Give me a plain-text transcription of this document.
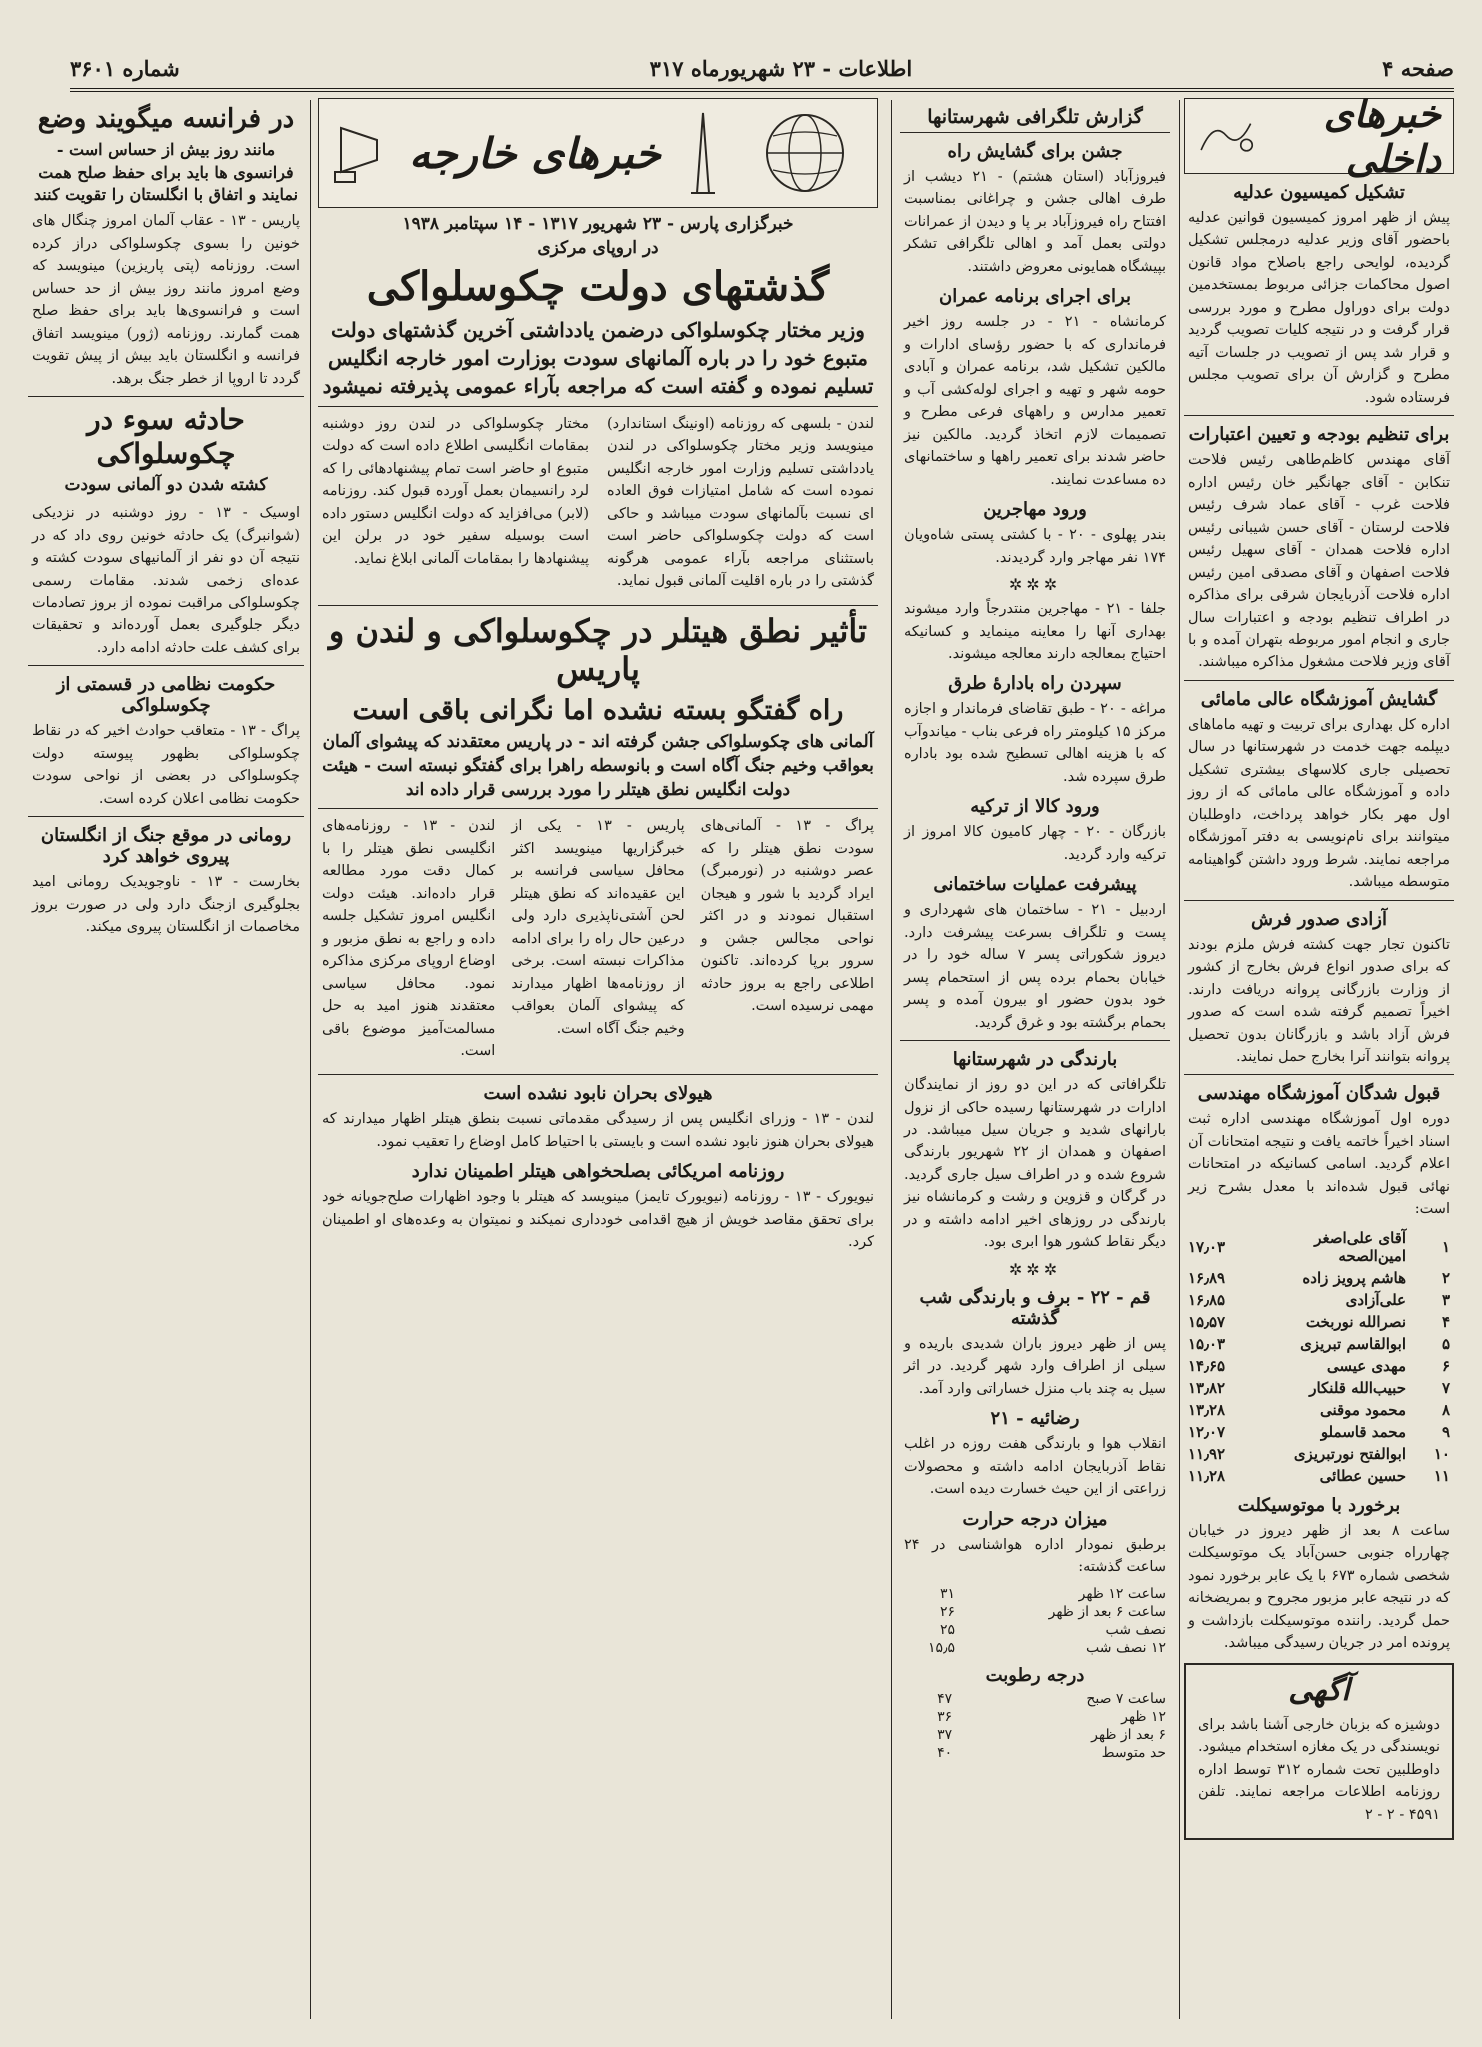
صفحه ۴
اطلاعات - ۲۳ شهریورماه ۳۱۷
شماره ۳۶۰۱
خبرهای داخلی
تشکیل کمیسیون عدلیه
پیش از ظهر امروز کمیسیون قوانین عدلیه باحضور آقای وزیر عدلیه درمجلس تشکیل گردیده، لوایحی راجع باصلاح مواد قانون اصول محاکمات جزائی مربوط بمستخدمین دولت برای دوراول مطرح و مورد بررسی قرار گرفت و در نتیجه کلیات تصویب گردید و قرار شد پس از تصویب در جلسات آتیه مطرح و گزارش آن برای تصویب مجلس فرستاده شود.
برای تنظیم بودجه و تعیین اعتبارات
آقای مهندس کاظم‌طاهی رئیس فلاحت تنکابن - آقای جهانگیر خان رئیس اداره فلاحت غرب - آقای عماد شرف رئیس فلاحت لرستان - آقای حسن شیبانی رئیس اداره فلاحت همدان - آقای سهیل رئیس فلاحت اصفهان و آقای مصدقی امین رئیس اداره فلاحت آذربایجان شرقی برای مذاکره در اطراف تنظیم بودجه و اعتبارات سال جاری و انجام امور مربوطه بتهران آمده و با آقای وزیر فلاحت مشغول مذاکره میباشند.
گشایش آموزشگاه عالی مامائی
اداره کل بهداری برای تربیت و تهیه ماماهای دیپلمه جهت خدمت در شهرستانها در سال تحصیلی جاری کلاسهای بیشتری تشکیل داده و آموزشگاه عالی مامائی که از روز اول مهر بکار خواهد پرداخت، داوطلبان میتوانند برای نام‌نویسی به دفتر آموزشگاه مراجعه نمایند. شرط ورود داشتن گواهینامه متوسطه میباشد.
آزادی صدور فرش
تاکنون تجار جهت کشته فرش ملزم بودند که برای صدور انواع فرش بخارج از کشور از وزارت بازرگانی پروانه دریافت دارند. اخیراً تصمیم گرفته شده است که صدور فرش آزاد باشد و بازرگانان بدون تحصیل پروانه بتوانند آنرا بخارج حمل نمایند.
قبول شدگان آموزشگاه مهندسی
دوره اول آموزشگاه مهندسی اداره ثبت اسناد اخیراً خاتمه یافت و نتیجه امتحانات آن اعلام گردید. اسامی کسانیکه در امتحانات نهائی قبول شده‌اند با معدل بشرح زیر است:
۱	آقای علی‌اصغر امین‌الصحه	۱۷٫۰۳
۲	هاشم پرویز زاده	۱۶٫۸۹
۳	علی‌آزادی	۱۶٫۸۵
۴	نصرالله نوربخت	۱۵٫۵۷
۵	ابوالقاسم تبریزی	۱۵٫۰۳
۶	مهدی عیسی	۱۴٫۶۵
۷	حبیب‌الله قلنکار	۱۳٫۸۲
۸	محمود موقنی	۱۳٫۲۸
۹	محمد قاسملو	۱۲٫۰۷
۱۰	ابوالفتح نورتبریزی	۱۱٫۹۲
۱۱	حسین عطائی	۱۱٫۲۸
برخورد با موتوسیکلت
ساعت ۸ بعد از ظهر دیروز در خیابان چهارراه جنوبی حسن‌آباد یک موتوسیکلت شخصی شماره ۶۷۳ با یک عابر برخورد نمود که در نتیجه عابر مزبور مجروح و بمریضخانه حمل گردید. راننده موتوسیکلت بازداشت و پرونده امر در جریان رسیدگی میباشد.
آگهی
دوشیزه که بزبان خارجی آشنا باشد برای نویسندگی در یک مغازه استخدام میشود. داوطلبین تحت شماره ۳۱۲ توسط اداره روزنامه اطلاعات مراجعه نمایند. تلفن ۴۵۹۱ - ۲ - ۲
گزارش تلگرافی شهرستانها
جشن برای گشایش راه
فیروزآباد (استان هشتم) - ۲۱ دیشب از طرف اهالی جشن و چراغانی بمناسبت افتتاح راه فیروزآباد بر پا و دیدن از عمرانات دولتی بعمل آمد و اهالی تلگرافی تشکر بپیشگاه همایونی معروض داشتند.
برای اجرای برنامه عمران
کرمانشاه - ۲۱ - در جلسه روز اخیر فرمانداری که با حضور رؤسای ادارات و مالکین تشکیل شد، برنامه عمران و آبادی حومه شهر و تهیه و اجرای لوله‌کشی آب و تعمیر مدارس و راههای فرعی مطرح و تصمیمات لازم اتخاذ گردید. مالکین نیز حاضر شدند برای تعمیر راهها و ساختمانهای ده مساعدت نمایند.
ورود مهاجرین
بندر پهلوی - ۲۰ - با کشتی پستی شاه‌ویان ۱۷۴ نفر مهاجر وارد گردیدند.
✲✲✲
جلفا - ۲۱ - مهاجرین منتدرجاً وارد میشوند بهداری آنها را معاینه مینماید و کسانیکه احتیاج بمعالجه دارند معالجه میشوند.
سپردن راه بادارهٔ طرق
مراغه - ۲۰ - طبق تقاضای فرماندار و اجازه مرکز ۱۵ کیلومتر راه فرعی بناب - میاندوآب که با هزینه اهالی تسطیح شده بود باداره طرق سپرده شد.
ورود کالا از ترکیه
بازرگان - ۲۰ - چهار کامیون کالا امروز از ترکیه وارد گردید.
پیشرفت عملیات ساختمانی
اردبیل - ۲۱ - ساختمان های شهرداری و پست و تلگراف بسرعت پیشرفت دارد. دیروز شکوراتی پسر ۷ ساله خود را در خیابان بحمام برده پس از استحمام پسر خود بدون حضور او بیرون آمده و پسر بحمام برگشته بود و غرق گردید.
بارندگی در شهرستانها
تلگرافاتی که در این دو روز از نمایندگان ادارات در شهرستانها رسیده حاکی از نزول بارانهای شدید و جریان سیل میباشد. در اصفهان و همدان از ۲۲ شهریور بارندگی شروع شده و در اطراف سیل جاری گردید. در گرگان و قزوین و رشت و کرمانشاه نیز بارندگی در روزهای اخیر ادامه داشته و در دیگر نقاط کشور هوا ابری بود.
✲✲✲
قم - ۲۲ - برف و بارندگی شب گذشته
پس از ظهر دیروز باران شدیدی باریده و سیلی از اطراف وارد شهر گردید. در اثر سیل به چند باب منزل خساراتی وارد آمد.
رضائیه - ۲۱
انقلاب هوا و بارندگی هفت روزه در اغلب نقاط آذربایجان ادامه داشته و محصولات زراعتی از این حیث خسارت دیده است.
میزان درجه حرارت
برطبق نمودار اداره هواشناسی در ۲۴ ساعت گذشته:
ساعت ۱۲ ظهر	۳۱
ساعت ۶ بعد از ظهر	۲۶
نصف شب	۲۵
۱۲ نصف شب	۱۵٫۵
درجه رطوبت
ساعت ۷ صبح	۴۷
۱۲ ظهر	۳۶
۶ بعد از ظهر	۳۷
حد متوسط	۴۰
خبرهای خارجه
خبرگزاری پارس - ۲۳ شهریور ۱۳۱۷ - ۱۴ سپتامبر ۱۹۳۸
در اروپای مرکزی
گذشتهای دولت چکوسلواکی
وزیر مختار چکوسلواکی درضمن یادداشتی آخرین گذشتهای دولت متبوع خود را در باره آلمانهای سودت بوزارت امور خارجه انگلیس تسلیم نموده و گفته است که مراجعه بآراء عمومی پذیرفته نمیشود
لندن - بلسهی که روزنامه (اونینگ استاندارد) مینویسد وزیر مختار چکوسلواکی در لندن یادداشتی تسلیم وزارت امور خارجه انگلیس نموده است که شامل امتیازات فوق العاده ای نسبت بآلمانهای سودت میباشد و حاکی است که دولت چکوسلواکی حاضر است باستثنای مراجعه بآراء عمومی هرگونه گذشتی را در باره اقلیت آلمانی قبول نماید.
مختار چکوسلواکی در لندن روز دوشنبه بمقامات انگلیسی اطلاع داده است که دولت متبوع او حاضر است تمام پیشنهادهائی را که لرد رانسیمان بعمل آورده قبول کند. روزنامه (لابر) می‌افزاید که دولت انگلیس دستور داده است بوسیله سفیر خود در برلن این پیشنهادها را بمقامات آلمانی ابلاغ نماید.
تأثیر نطق هیتلر در چکوسلواکی و لندن و پاریس
راه گفتگو بسته نشده اما نگرانی باقی است
آلمانی های چکوسلواکی جشن گرفته اند - در پاریس معتقدند که پیشوای آلمان بعواقب وخیم جنگ آگاه است و بانوسطه راهرا برای گفتگو نبسته است - هیئت دولت انگلیس نطق هیتلر را مورد بررسی قرار داده اند
پراگ - ۱۳ - آلمانی‌های سودت نطق هیتلر را که عصر دوشنبه در (نورمبرگ) ایراد گردید با شور و هیجان استقبال نمودند و در اکثر نواحی مجالس جشن و سرور برپا کرده‌اند. تاکنون اطلاعی راجع به بروز حادثه مهمی نرسیده است.
پاریس - ۱۳ - یکی از خبرگزاریها مینویسد اکثر محافل سیاسی فرانسه بر این عقیده‌اند که نطق هیتلر لحن آشتی‌ناپذیری دارد ولی درعین حال راه را برای ادامه مذاکرات نبسته است. برخی از روزنامه‌ها اظهار میدارند که پیشوای آلمان بعواقب وخیم جنگ آگاه است.
لندن - ۱۳ - روزنامه‌های انگلیسی نطق هیتلر را با کمال دقت مورد مطالعه قرار داده‌اند. هیئت دولت انگلیس امروز تشکیل جلسه داده و راجع به نطق مزبور و اوضاع اروپای مرکزی مذاکره نمود. محافل سیاسی معتقدند هنوز امید به حل مسالمت‌آمیز موضوع باقی است.
هیولای بحران نابود نشده است
لندن - ۱۳ - وزرای انگلیس پس از رسیدگی مقدماتی نسبت بنطق هیتلر اظهار میدارند که هیولای بحران هنوز نابود نشده است و بایستی با احتیاط کامل اوضاع را تعقیب نمود.
روزنامه امریکائی بصلحخواهی هیتلر اطمینان ندارد
نیویورک - ۱۳ - روزنامه (نیویورک تایمز) مینویسد که هیتلر با وجود اظهارات صلح‌جویانه خود برای تحقق مقاصد خویش از هیچ اقدامی خودداری نمیکند و نمیتوان به وعده‌های او اطمینان کرد.
در فرانسه میگویند وضع
مانند روز بیش از حساس است - فرانسوی ها باید برای حفظ صلح همت نمایند و اتفاق با انگلستان را تقویت کنند
پاریس - ۱۳ - عقاب آلمان امروز چنگال های خونین را بسوی چکوسلواکی دراز کرده است. روزنامه (پتی پاریزین) مینویسد که وضع امروز مانند روز بیش از حد حساس است و فرانسوی‌ها باید برای حفظ صلح همت گمارند. روزنامه (ژور) مینویسد اتفاق فرانسه و انگلستان باید بیش از پیش تقویت گردد تا اروپا از خطر جنگ برهد.
حادثه سوء در چکوسلواکی
کشته شدن دو آلمانی سودت
اوسیک - ۱۳ - روز دوشنبه در نزدیکی (شوانبرگ) یک حادثه خونین روی داد که در نتیجه آن دو نفر از آلمانیهای سودت کشته و عده‌ای زخمی شدند. مقامات رسمی چکوسلواکی مراقبت نموده از بروز تصادمات دیگر جلوگیری بعمل آورده‌اند و تحقیقات برای کشف علت حادثه ادامه دارد.
حکومت نظامی در قسمتی از چکوسلواکی
پراگ - ۱۳ - متعاقب حوادث اخیر که در نقاط چکوسلواکی بظهور پیوسته دولت چکوسلواکی در بعضی از نواحی سودت حکومت نظامی اعلان کرده است.
رومانی در موقع جنگ از انگلستان پیروی خواهد کرد
بخارست - ۱۳ - ناوجویدیک رومانی امید بجلوگیری ازجنگ دارد ولی در صورت بروز مخاصمات از انگلستان پیروی میکند.
